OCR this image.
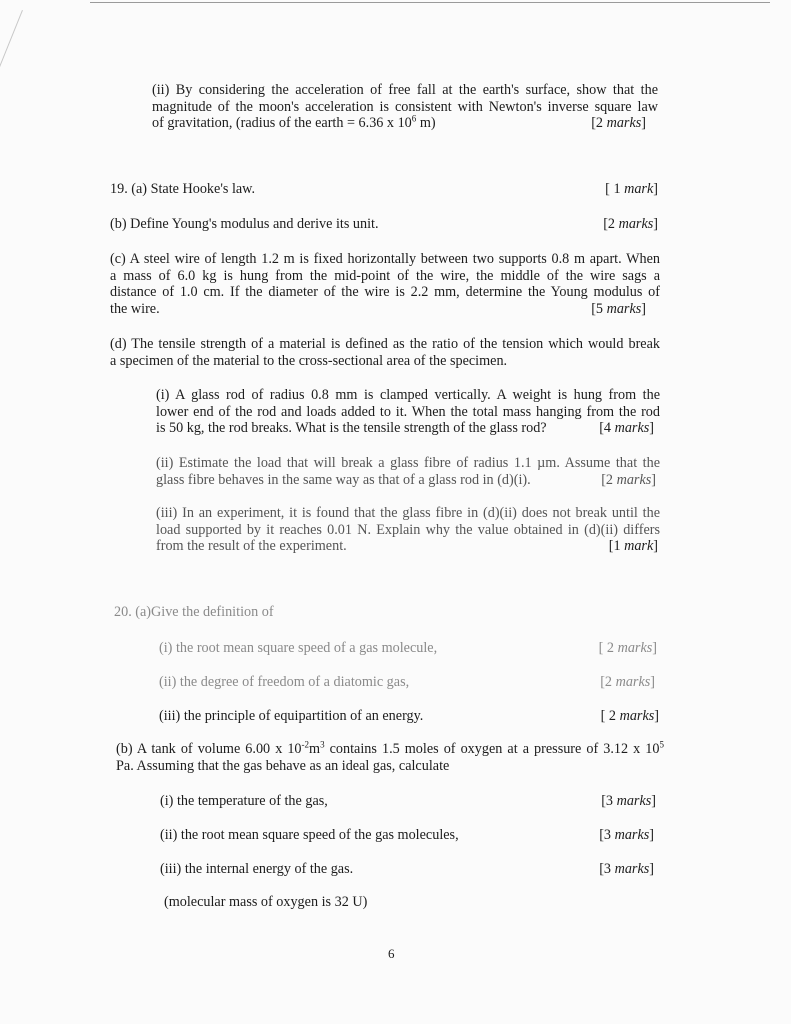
(ii) By considering the acceleration of free fall at the earth's surface, show that the
magnitude of the moon's acceleration is consistent with Newton's inverse square law
of gravitation, (radius of the earth = 6.36 x $10^6$ m)	[2 marks]
19. (a) State Hooke's law.	[ 1 mark]
(b) Define Young's modulus and derive its unit.	[2 marks]
(c) A steel wire of length 1.2 m is fixed horizontally between two supports 0.8 m apart. When
a mass of 6.0 kg is hung from the mid-point of the wire, the middle of the wire sags a
distance of 1.0 cm. If the diameter of the wire is 2.2 mm, determine the Young modulus of
the wire.	[5 marks]
(d) The tensile strength of a material is defined as the ratio of the tension which would break
a specimen of the material to the cross-sectional area of the specimen.
(i) A glass rod of radius 0.8 mm is clamped vertically. A weight is hung from the
lower end of the rod and loads added to it. When the total mass hanging from the rod
is 50 kg, the rod breaks. What is the tensile strength of the glass rod?	[4 marks]
(ii) Estimate the load that will break a glass fibre of radius 1.1 µm. Assume that the
glass fibre behaves in the same way as that of a glass rod in (d)(i).	[2 marks]
(iii) In an experiment, it is found that the glass fibre in (d)(ii) does not break until the
load supported by it reaches 0.01 N. Explain why the value obtained in (d)(ii) differs
from the result of the experiment.	[1 mark]
20. (a)Give the definition of
(i) the root mean square speed of a gas molecule,	[ 2 marks]
(ii) the degree of freedom of a diatomic gas,	[2 marks]
(iii) the principle of equipartition of an energy.	[ 2 marks]
(b) A tank of volume 6.00 x $10^{-2}m^3$ contains 1.5 moles of oxygen at a pressure of 3.12 x $10^5$
Pa. Assuming that the gas behave as an ideal gas, calculate
(i) the temperature of the gas,	[3 marks]
(ii) the root mean square speed of the gas molecules,	[3 marks]
(iii) the internal energy of the gas.	[3 marks]
(molecular mass of oxygen is 32 U)
6
